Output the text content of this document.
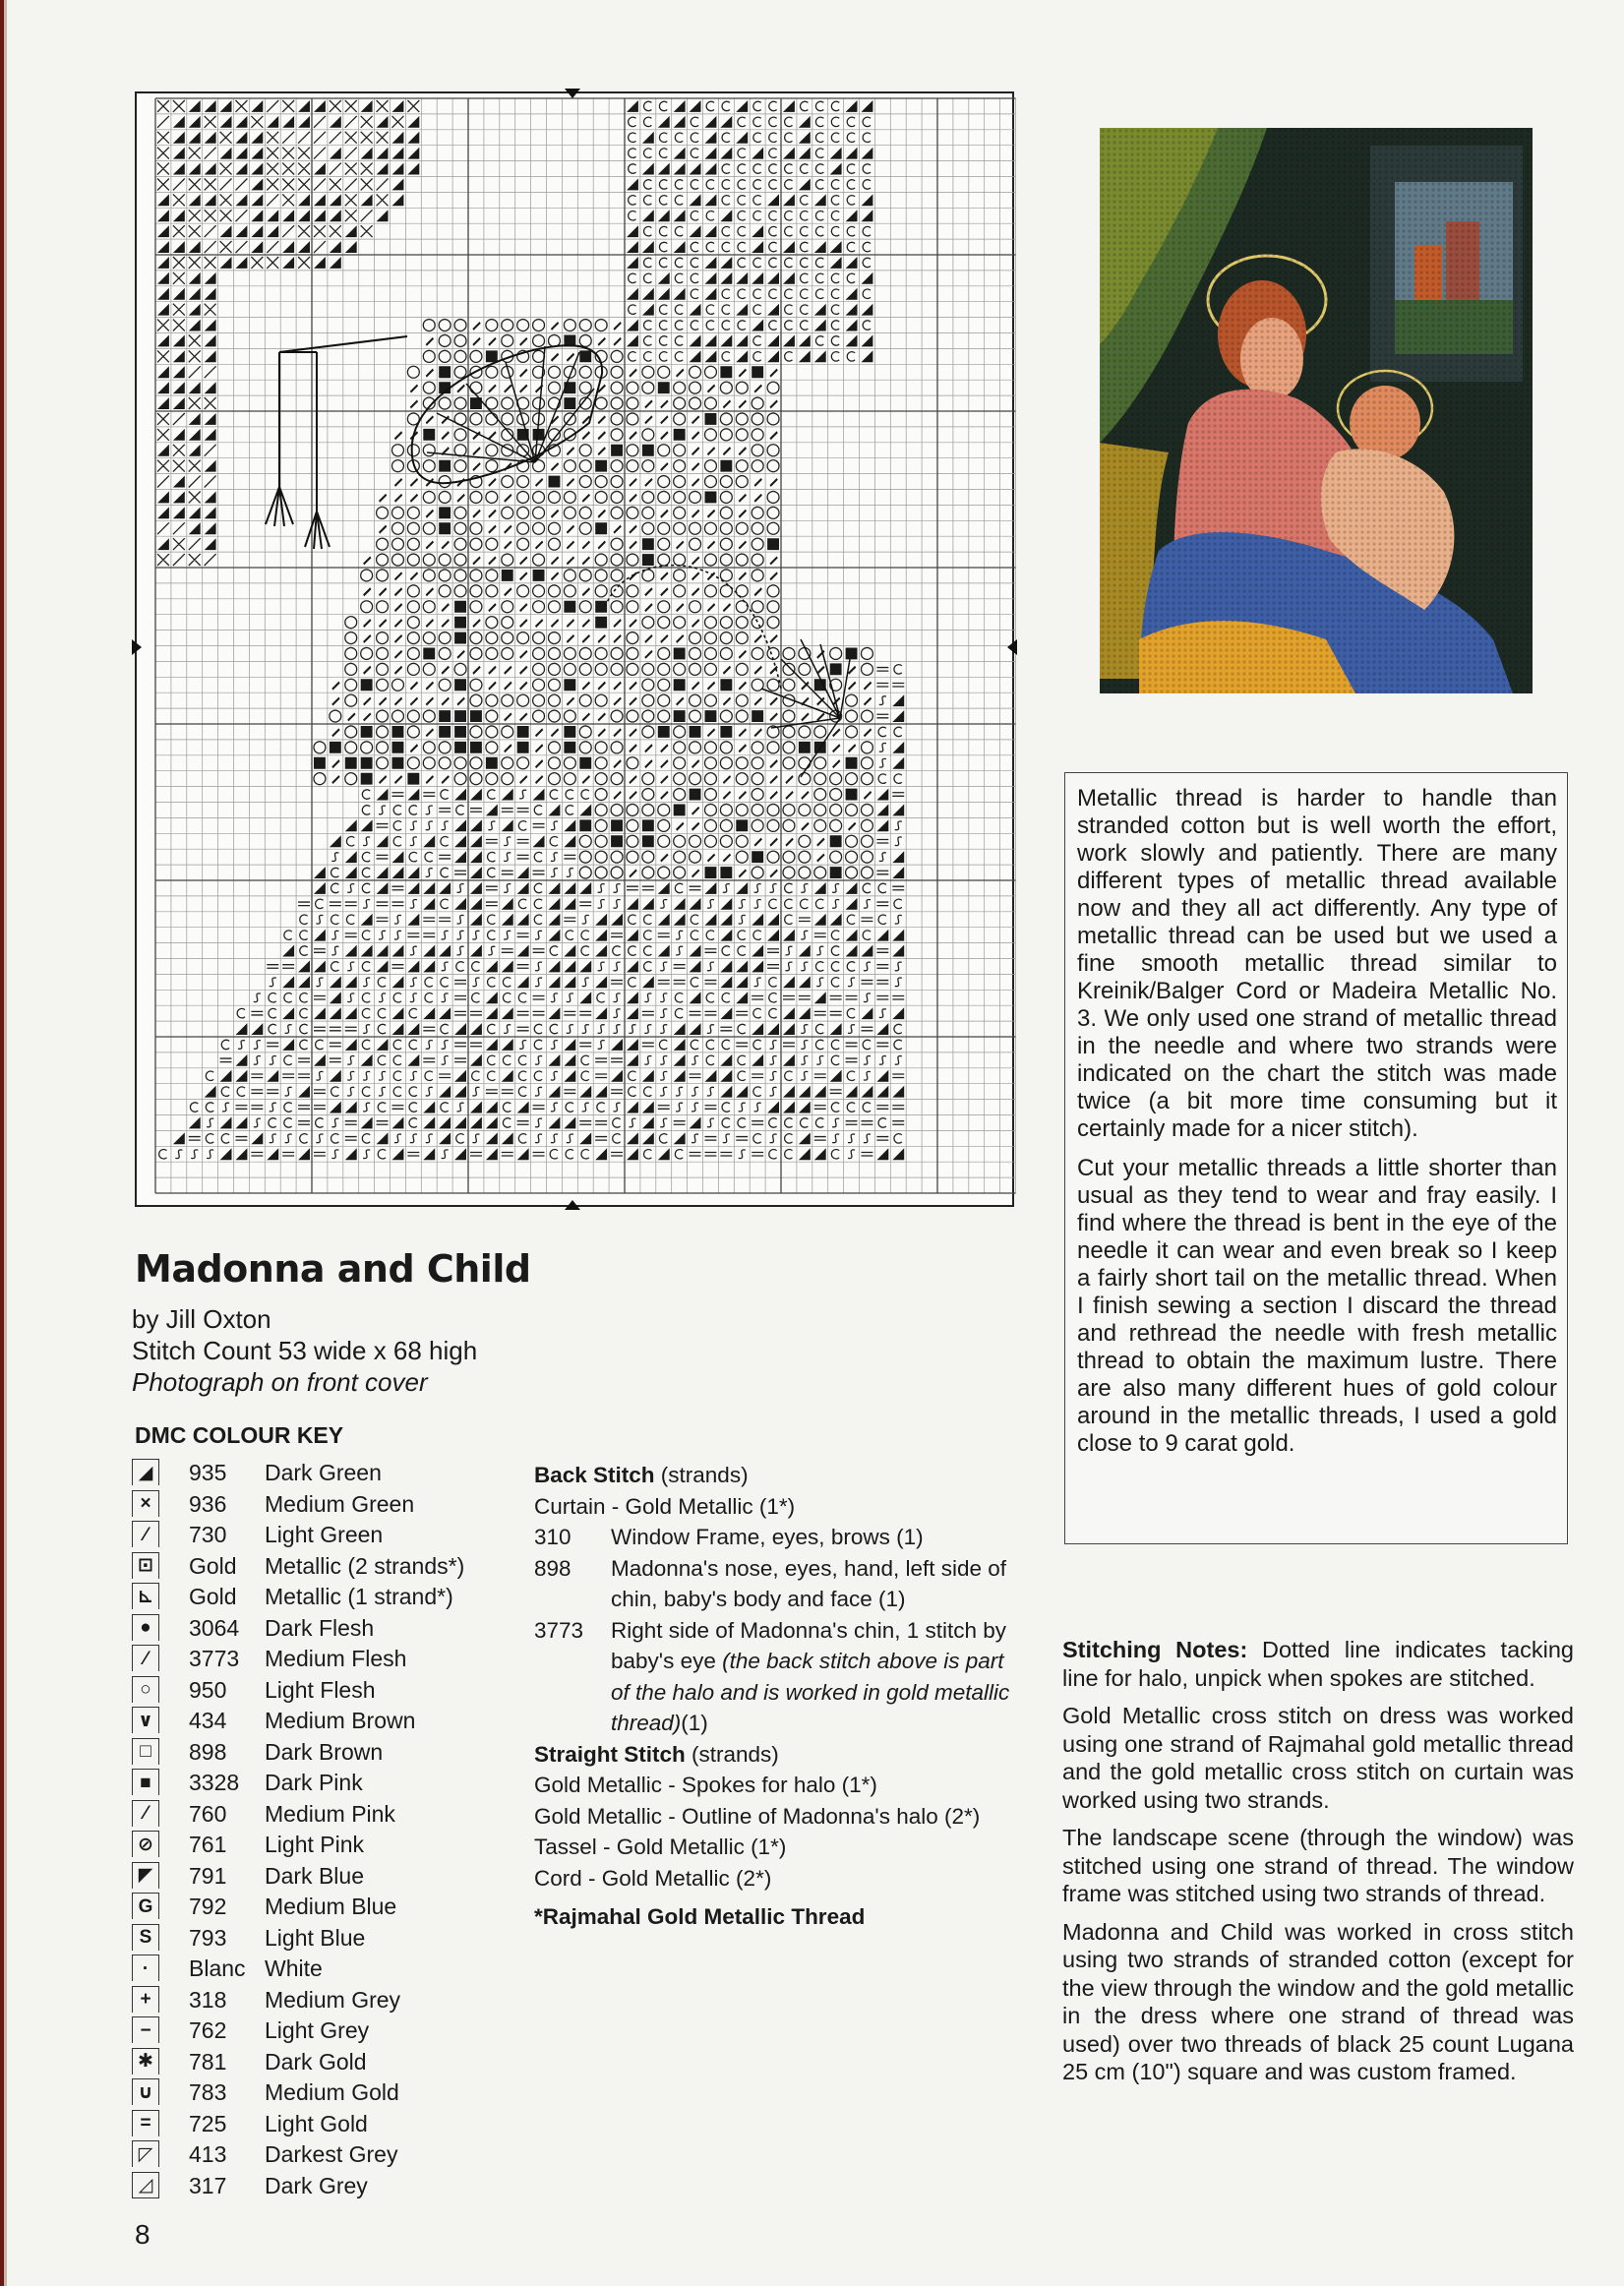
Metallic thread is harder to handle than stranded cotton but is well worth the effort, work slowly and patiently. There are many different types of metallic thread available now and they all act differently. Any type of metallic thread can be used but we used a fine smooth metallic thread similar to Kreinik/Balger Cord or Madeira Metallic No. 3. We only used one strand of metallic thread in the needle and where two strands were indicated on the chart the stitch was made twice (a bit more time consuming but it certainly made for a nicer stitch).

Cut your metallic threads a little shorter than usual as they tend to wear and fray easily. I find where the thread is bent in the eye of the needle it can wear and even break so I keep a fairly short tail on the metallic thread. When I finish sewing a section I discard the thread and rethread the needle with fresh metallic thread to obtain the maximum lustre. There are also many different hues of gold colour around in the metallic threads, I used a gold close to 9 carat gold.

Madonna and Child
by Jill Oxton
Stitch Count 53 wide x 68 high
Photograph on front cover
DMC COLOUR KEY
◢ 935 Dark Green
×	936 Medium Green
⁄	730 Light Green
⊡ Gold Metallic (2 strands*)
⊾ Gold Metallic (1 strand*)
●	3064 Dark Flesh
⁄	3773 Medium Flesh
○	950 Light Flesh
∨ 434 Medium Brown
□	898 Dark Brown
■	3328 Dark Pink
⁄	760 Medium Pink
⊘ 761 Light Pink
◤ 791 Dark Blue
G 792 Medium Blue
S	793 Light Blue
·	Blanc White
+	318 Medium Grey
−	762 Light Grey
✱ 781 Dark Gold
∪ 783 Medium Gold
=	725 Light Gold
◸ 413 Darkest Grey
◿ 317 Dark Grey
Back Stitch (strands)
Curtain - Gold Metallic (1*)
310	Window Frame, eyes, brows (1)
898	Madonna's nose, eyes, hand, left side of chin, baby's body and face (1)
3773	Right side of Madonna's chin, 1 stitch by baby's eye (the back stitch above is part of the halo and is worked in gold metallic thread)(1)
Straight Stitch (strands)
Gold Metallic - Spokes for halo (1*)
Gold Metallic - Outline of Madonna's halo (2*)
Tassel - Gold Metallic (1*)
Cord - Gold Metallic (2*)
*Rajmahal Gold Metallic Thread

Stitching Notes: Dotted line indicates tacking line for halo, unpick when spokes are stitched.

Gold Metallic cross stitch on dress was worked using one strand of Rajmahal gold metallic thread and the gold metallic cross stitch on curtain was worked using two strands.

The landscape scene (through the window) was stitched using one strand of thread. The window frame was stitched using two strands of thread.

Madonna and Child was worked in cross stitch using two strands of stranded cotton (except for the view through the window and the gold metallic in the dress where one strand of thread was used) over two threads of black 25 count Lugana 25 cm (10") square and was custom framed.

8
